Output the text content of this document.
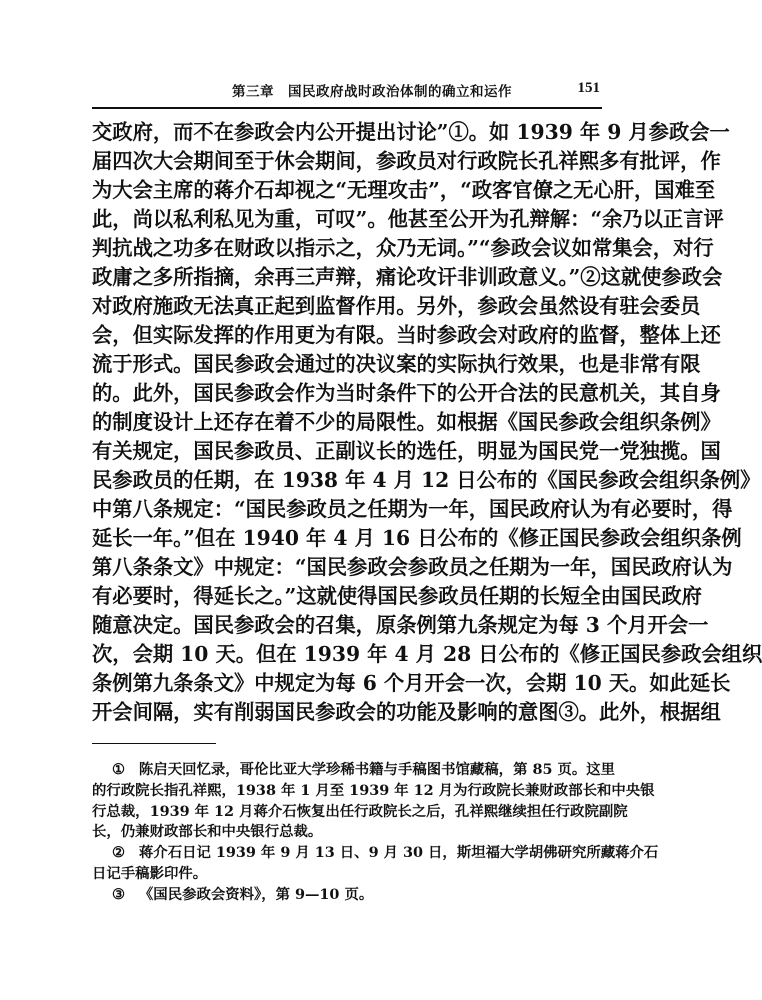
第三章 国民政府战时政治体制的确立和运作	151
交政府，而不在参政会内公开提出讨论”①。如 1939 年 9 月参政会一
届四次大会期间至于休会期间，参政员对行政院长孔祥熙多有批评，作
为大会主席的蒋介石却视之“无理攻击”，“政客官僚之无心肝，国难至
此，尚以私利私见为重，可叹”。他甚至公开为孔辩解：“余乃以正言评
判抗战之功多在财政以指示之，众乃无词。”“参政会议如常集会，对行
政庸之多所指摘，余再三声辩，痛论攻讦非训政意义。”②这就使参政会
对政府施政无法真正起到监督作用。另外，参政会虽然设有驻会委员
会，但实际发挥的作用更为有限。当时参政会对政府的监督，整体上还
流于形式。国民参政会通过的决议案的实际执行效果，也是非常有限
的。此外，国民参政会作为当时条件下的公开合法的民意机关，其自身
的制度设计上还存在着不少的局限性。如根据《国民参政会组织条例》
有关规定，国民参政员、正副议长的选任，明显为国民党一党独揽。国
民参政员的任期，在 1938 年 4 月 12 日公布的《国民参政会组织条例》
中第八条规定：“国民参政员之任期为一年，国民政府认为有必要时，得
延长一年。”但在 1940 年 4 月 16 日公布的《修正国民参政会组织条例
第八条条文》中规定：“国民参政会参政员之任期为一年，国民政府认为
有必要时，得延长之。”这就使得国民参政员任期的长短全由国民政府
随意决定。国民参政会的召集，原条例第九条规定为每 3 个月开会一
次，会期 10 天。但在 1939 年 4 月 28 日公布的《修正国民参政会组织
条例第九条条文》中规定为每 6 个月开会一次，会期 10 天。如此延长
开会间隔，实有削弱国民参政会的功能及影响的意图③。此外，根据组
① 陈启天回忆录，哥伦比亚大学珍稀书籍与手稿图书馆藏稿，第 85 页。这里
的行政院长指孔祥熙，1938 年 1 月至 1939 年 12 月为行政院长兼财政部长和中央银
行总裁，1939 年 12 月蒋介石恢复出任行政院长之后，孔祥熙继续担任行政院副院
长，仍兼财政部长和中央银行总裁。
② 蒋介石日记 1939 年 9 月 13 日、9 月 30 日，斯坦福大学胡佛研究所藏蒋介石
日记手稿影印件。
③ 《国民参政会资料》，第 9—10 页。
